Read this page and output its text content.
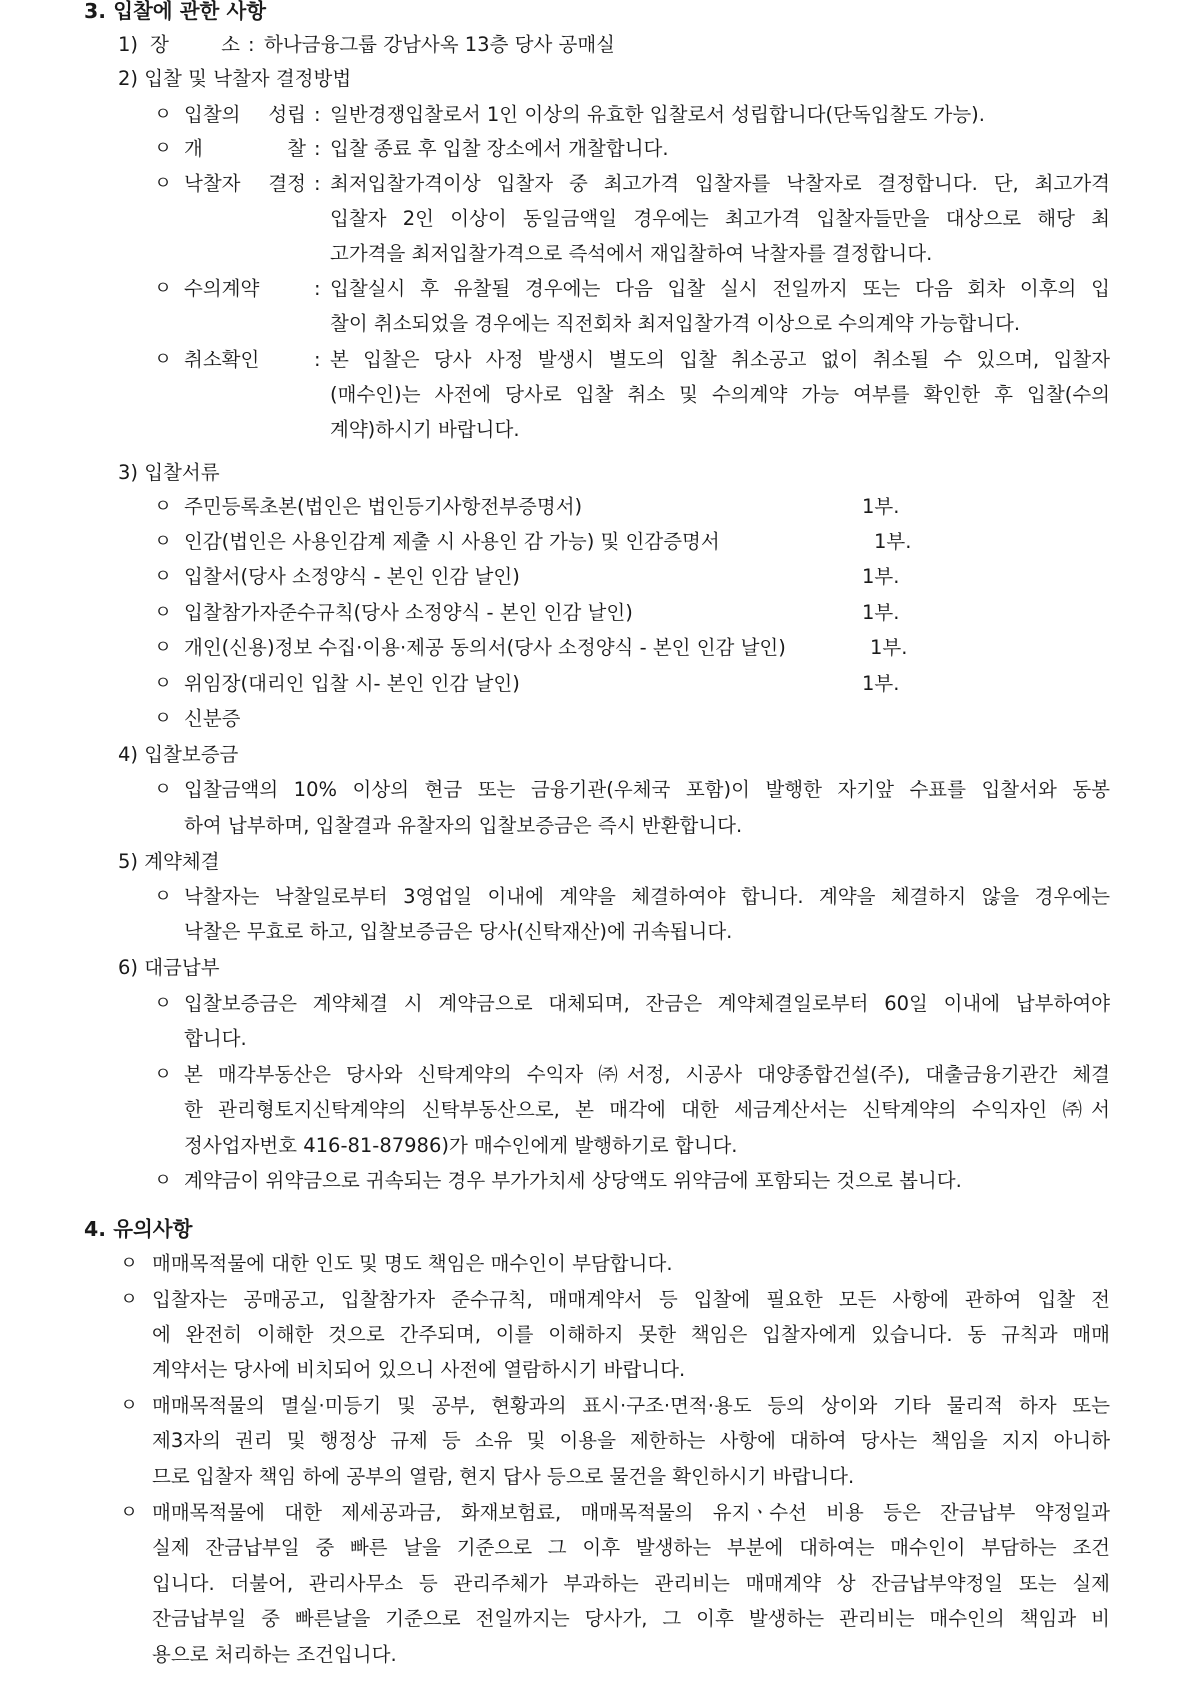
3. 입찰에 관한 사항
1) 장 소 : 하나금융그룹 강남사옥 13층 당사 공매실
2) 입찰 및 낙찰자 결정방법
ㅇ 입찰의 성립 : 일반경쟁입찰로서 1인 이상의 유효한 입찰로서 성립합니다(단독입찰도 가능).
ㅇ 개 찰 : 입찰 종료 후 입찰 장소에서 개찰합니다.
ㅇ 낙찰자 결정 : 최저입찰가격이상 입찰자 중 최고가격 입찰자를 낙찰자로 결정합니다. 단, 최고가격
입찰자 2인 이상이 동일금액일 경우에는 최고가격 입찰자들만을 대상으로 해당 최
고가격을 최저입찰가격으로 즉석에서 재입찰하여 낙찰자를 결정합니다.
ㅇ 수의계약	: 입찰실시 후 유찰될 경우에는 다음 입찰 실시 전일까지 또는 다음 회차 이후의 입
찰이 취소되었을 경우에는 직전회차 최저입찰가격 이상으로 수의계약 가능합니다.
ㅇ 취소확인	: 본 입찰은 당사 사정 발생시 별도의 입찰 취소공고 없이 취소될 수 있으며, 입찰자
(매수인)는 사전에 당사로 입찰 취소 및 수의계약 가능 여부를 확인한 후 입찰(수의
계약)하시기 바랍니다.
3) 입찰서류
ㅇ 주민등록초본(법인은 법인등기사항전부증명서)	1부.
ㅇ 인감(법인은 사용인감계 제출 시 사용인 감 가능) 및 인감증명서	1부.
ㅇ 입찰서(당사 소정양식 - 본인 인감 날인)	1부.
ㅇ 입찰참가자준수규칙(당사 소정양식 - 본인 인감 날인)	1부.
ㅇ 개인(신용)정보 수집·이용·제공 동의서(당사 소정양식 - 본인 인감 날인)	1부.
ㅇ 위임장(대리인 입찰 시- 본인 인감 날인)	1부.
ㅇ 신분증
4) 입찰보증금
ㅇ 입찰금액의 10% 이상의 현금 또는 금융기관(우체국 포함)이 발행한 자기앞 수표를 입찰서와 동봉
하여 납부하며, 입찰결과 유찰자의 입찰보증금은 즉시 반환합니다.
5) 계약체결
ㅇ 낙찰자는 낙찰일로부터 3영업일 이내에 계약을 체결하여야 합니다. 계약을 체결하지 않을 경우에는
낙찰은 무효로 하고, 입찰보증금은 당사(신탁재산)에 귀속됩니다.
6) 대금납부
ㅇ 입찰보증금은 계약체결 시 계약금으로 대체되며, 잔금은 계약체결일로부터 60일 이내에 납부하여야
합니다.
ㅇ 본 매각부동산은 당사와 신탁계약의 수익자 ㈜서정, 시공사 대양종합건설(주), 대출금융기관간 체결
한 관리형토지신탁계약의 신탁부동산으로, 본 매각에 대한 세금계산서는 신탁계약의 수익자인 ㈜서
정사업자번호 416-81-87986)가 매수인에게 발행하기로 합니다.
ㅇ 계약금이 위약금으로 귀속되는 경우 부가가치세 상당액도 위약금에 포함되는 것으로 봅니다.
4. 유의사항
ㅇ 매매목적물에 대한 인도 및 명도 책임은 매수인이 부담합니다.
ㅇ 입찰자는 공매공고, 입찰참가자 준수규칙, 매매계약서 등 입찰에 필요한 모든 사항에 관하여 입찰 전
에 완전히 이해한 것으로 간주되며, 이를 이해하지 못한 책임은 입찰자에게 있습니다. 동 규칙과 매매
계약서는 당사에 비치되어 있으니 사전에 열람하시기 바랍니다.
ㅇ 매매목적물의 멸실·미등기 및 공부, 현황과의 표시·구조·면적·용도 등의 상이와 기타 물리적 하자 또는
제3자의 권리 및 행정상 규제 등 소유 및 이용을 제한하는 사항에 대하여 당사는 책임을 지지 아니하
므로 입찰자 책임 하에 공부의 열람, 현지 답사 등으로 물건을 확인하시기 바랍니다.
ㅇ 매매목적물에 대한 제세공과금, 화재보험료, 매매목적물의 유지ㆍ수선 비용 등은 잔금납부 약정일과
실제 잔금납부일 중 빠른 날을 기준으로 그 이후 발생하는 부분에 대하여는 매수인이 부담하는 조건
입니다. 더불어, 관리사무소 등 관리주체가 부과하는 관리비는 매매계약 상 잔금납부약정일 또는 실제
잔금납부일 중 빠른날을 기준으로 전일까지는 당사가, 그 이후 발생하는 관리비는 매수인의 책임과 비
용으로 처리하는 조건입니다.
